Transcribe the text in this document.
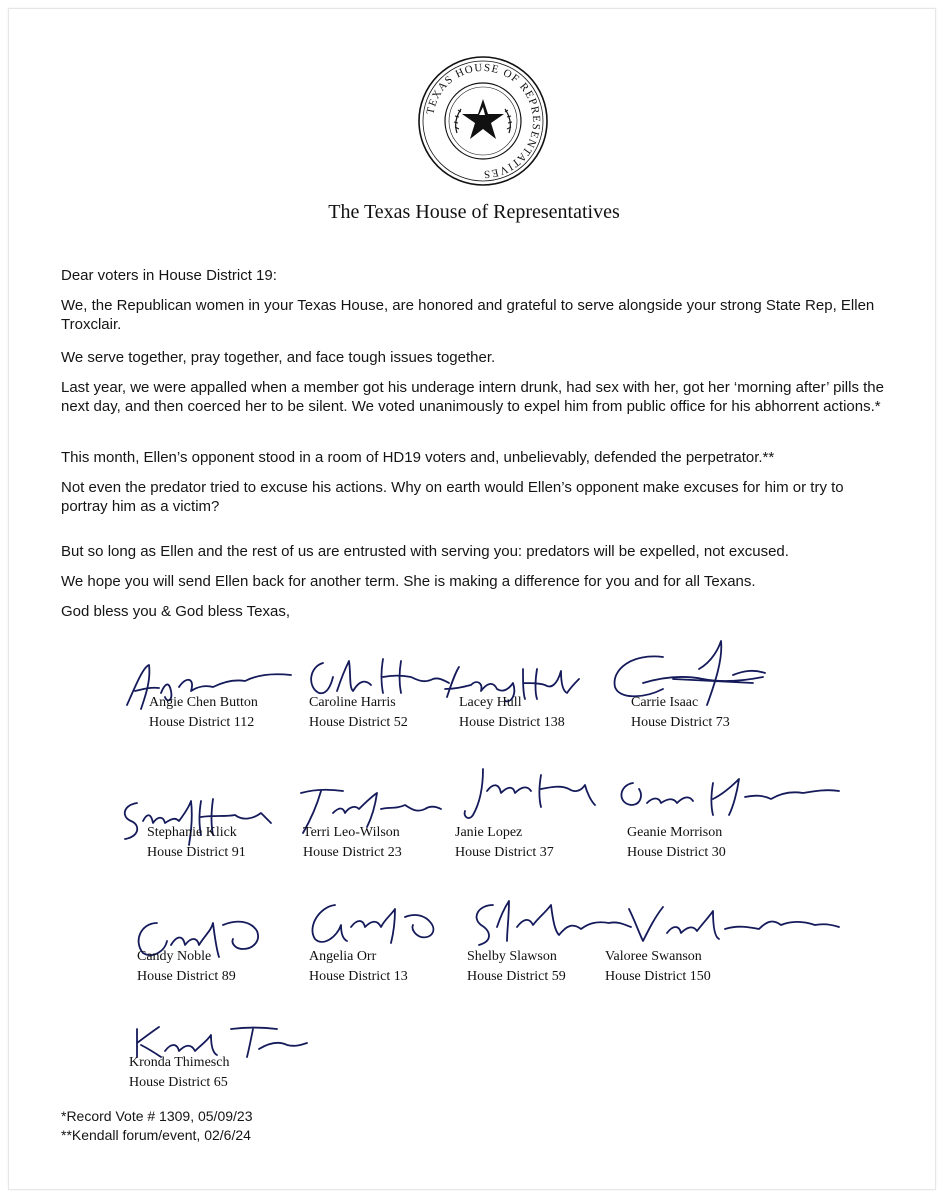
TEXAS HOUSE OF REPRESENTATIVES
The Texas House of Representatives

Dear voters in House District 19:

We, the Republican women in your Texas House, are honored and grateful to serve alongside your strong State Rep, Ellen Troxclair.

We serve together, pray together, and face tough issues together.

Last year, we were appalled when a member got his underage intern drunk, had sex with her, got her ‘morning after’ pills the next day, and then coerced her to be silent. We voted unanimously to expel him from public office for his abhorrent actions.*

This month, Ellen’s opponent stood in a room of HD19 voters and, unbelievably, defended the perpetrator.**

Not even the predator tried to excuse his actions. Why on earth would Ellen’s opponent make excuses for him or try to portray him as a victim?

But so long as Ellen and the rest of us are entrusted with serving you: predators will be expelled, not excused.

We hope you will send Ellen back for another term. She is making a difference for you and for all Texans.

God bless you & God bless Texas,

Angie Chen Button
House District 112
Caroline Harris
House District 52
Lacey Hull
House District 138
Carrie Isaac
House District 73
Stephanie Klick
House District 91
Terri Leo-Wilson
House District 23
Janie Lopez
House District 37
Geanie Morrison
House District 30
Candy Noble
House District 89
Angelia Orr
House District 13
Shelby Slawson
House District 59
Valoree Swanson
House District 150
Kronda Thimesch
House District 65
*Record Vote # 1309, 05/09/23
**Kendall forum/event, 02/6/24
